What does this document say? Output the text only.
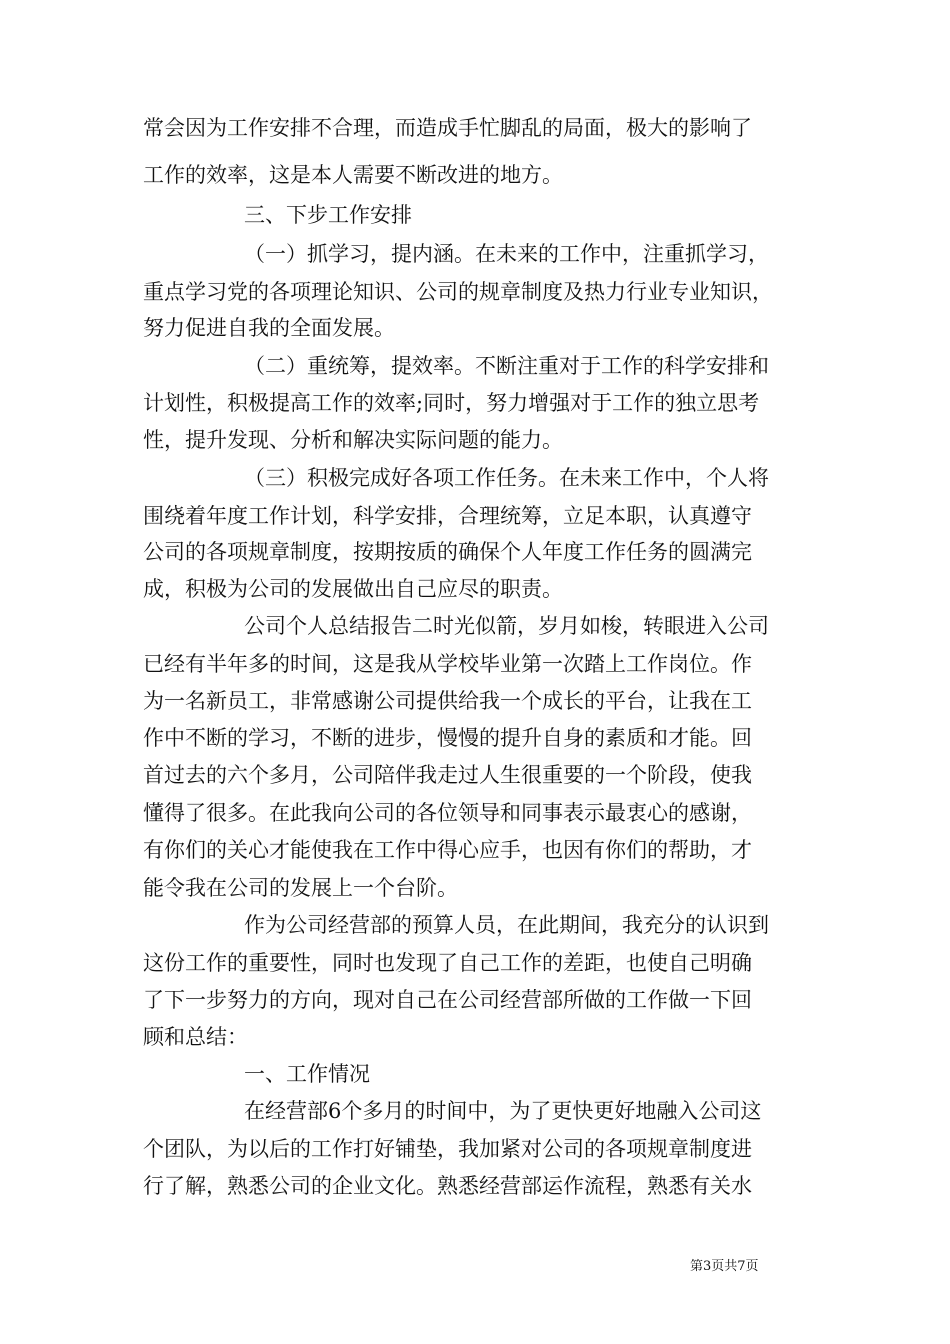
常会因为工作安排不合理，而造成手忙脚乱的局面，极大的影响了
工作的效率，这是本人需要不断改进的地方。
三、下步工作安排
（一）抓学习，提内涵。在未来的工作中，注重抓学习，
重点学习党的各项理论知识、公司的规章制度及热力行业专业知识，
努力促进自我的全面发展。
（二）重统筹，提效率。不断注重对于工作的科学安排和
计划性，积极提高工作的效率;同时，努力增强对于工作的独立思考
性，提升发现、分析和解决实际问题的能力。
（三）积极完成好各项工作任务。在未来工作中，个人将
围绕着年度工作计划，科学安排，合理统筹，立足本职，认真遵守
公司的各项规章制度，按期按质的确保个人年度工作任务的圆满完
成，积极为公司的发展做出自己应尽的职责。
公司个人总结报告二时光似箭，岁月如梭，转眼进入公司
已经有半年多的时间，这是我从学校毕业第一次踏上工作岗位。作
为一名新员工，非常感谢公司提供给我一个成长的平台，让我在工
作中不断的学习，不断的进步，慢慢的提升自身的素质和才能。回
首过去的六个多月，公司陪伴我走过人生很重要的一个阶段，使我
懂得了很多。在此我向公司的各位领导和同事表示最衷心的感谢，
有你们的关心才能使我在工作中得心应手，也因有你们的帮助，才
能令我在公司的发展上一个台阶。
作为公司经营部的预算人员，在此期间，我充分的认识到
这份工作的重要性，同时也发现了自己工作的差距，也使自己明确
了下一步努力的方向，现对自己在公司经营部所做的工作做一下回
顾和总结：
一、工作情况
在经营部6个多月的时间中，为了更快更好地融入公司这
个团队，为以后的工作打好铺垫，我加紧对公司的各项规章制度进
行了解，熟悉公司的企业文化。熟悉经营部运作流程，熟悉有关水
第3页共7页
